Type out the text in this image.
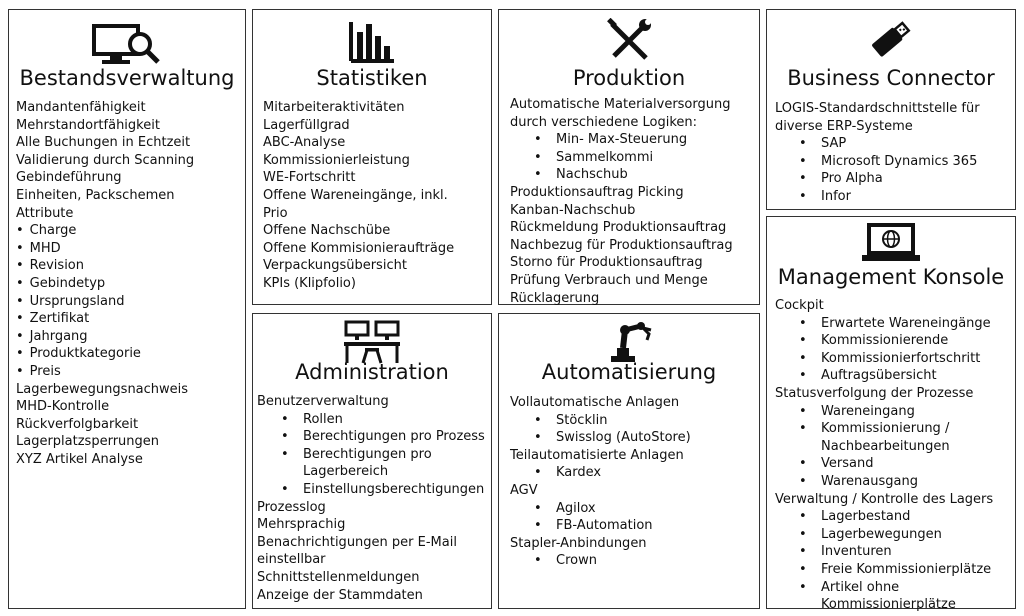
Bestandsverwaltung
Mandantenfähigkeit
Mehrstandortfähigkeit
Alle Buchungen in Echtzeit
Validierung durch Scanning
Gebindeführung
Einheiten, Packschemen
Attribute
• Charge
• MHD
• Revision
• Gebindetyp
• Ursprungsland
• Zertifikat
• Jahrgang
• Produktkategorie
• Preis
Lagerbewegungsnachweis
MHD-Kontrolle
Rückverfolgbarkeit
Lagerplatzsperrungen
XYZ Artikel Analyse
Statistiken
Mitarbeiteraktivitäten
Lagerfüllgrad
ABC-Analyse
Kommissionierleistung
WE-Fortschritt
Offene Wareneingänge, inkl.
Prio
Offene Nachschübe
Offene Kommisionieraufträge
Verpackungsübersicht
KPIs (Klipfolio)
Produktion
Automatische Materialversorgung
durch verschiedene Logiken:
• Min- Max-Steuerung
• Sammelkommi
• Nachschub
Produktionsauftrag Picking
Kanban-Nachschub
Rückmeldung Produktionsauftrag
Nachbezug für Produktionsauftrag
Storno für Produktionsauftrag
Prüfung Verbrauch und Menge
Rücklagerung
Business Connector
LOGIS-Standardschnittstelle für
diverse ERP-Systeme
• SAP
• Microsoft Dynamics 365
• Pro Alpha
• Infor
Administration
Benutzerverwaltung
• Rollen
• Berechtigungen pro Prozess
• Berechtigungen pro
Lagerbereich
• Einstellungsberechtigungen
Prozesslog
Mehrsprachig
Benachrichtigungen per E-Mail
einstellbar
Schnittstellenmeldungen
Anzeige der Stammdaten
Automatisierung
Vollautomatische Anlagen
• Stöcklin
• Swisslog (AutoStore)
Teilautomatisierte Anlagen
• Kardex
AGV
• Agilox
• FB-Automation
Stapler-Anbindungen
• Crown
Management Konsole
Cockpit
• Erwartete Wareneingänge
• Kommissionierende
• Kommissionierfortschritt
• Auftragsübersicht
Statusverfolgung der Prozesse
• Wareneingang
• Kommissionierung /
Nachbearbeitungen
• Versand
• Warenausgang
Verwaltung / Kontrolle des Lagers
• Lagerbestand
• Lagerbewegungen
• Inventuren
• Freie Kommissionierplätze
• Artikel ohne
Kommissionierplätze
